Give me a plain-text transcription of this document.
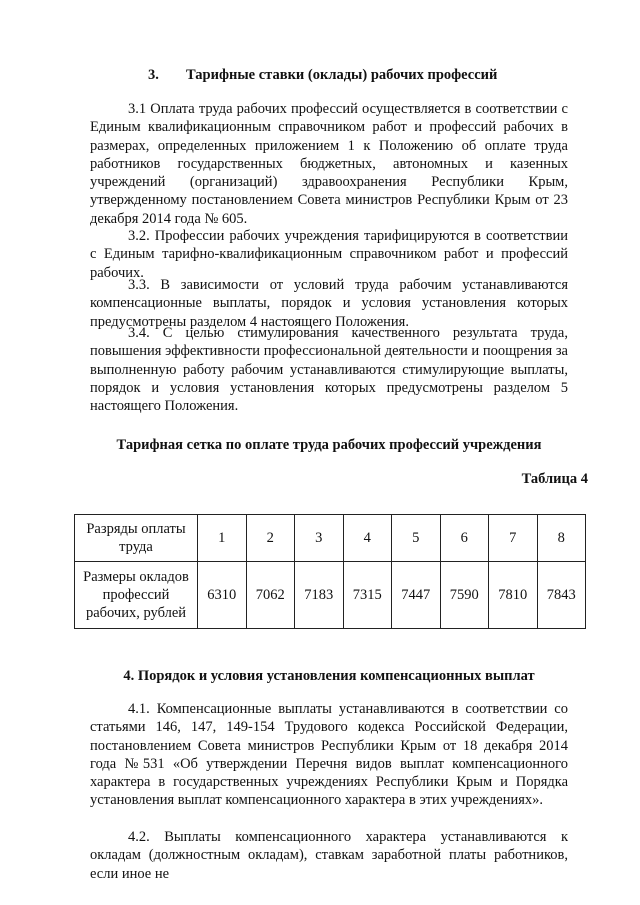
3. Тарифные ставки (оклады) рабочих профессий

3.1 Оплата труда рабочих профессий осуществляется в соответствии с Единым квалификационным справочником работ и профессий рабочих в размерах, определенных приложением 1 к Положению об оплате труда работников государственных бюджетных, автономных и казенных учреждений (организаций) здравоохранения Республики Крым, утвержденному постановлением Совета министров Республики Крым от 23 декабря 2014 года № 605.

3.2. Профессии рабочих учреждения тарифицируются в соответствии с Единым тарифно-квалификационным справочником работ и профессий рабочих.

3.3. В зависимости от условий труда рабочим устанавливаются компенсационные выплаты, порядок и условия установления которых предусмотрены разделом 4 настоящего Положения.

3.4. С целью стимулирования качественного результата труда, повышения эффективности профессиональной деятельности и поощрения за выполненную работу рабочим устанавливаются стимулирующие выплаты, порядок и условия установления которых предусмотрены разделом 5 настоящего Положения.

Тарифная сетка по оплате труда рабочих профессий учреждения
Таблица 4
Разряды оплаты труда	1	2	3	4	5	6	7	8
Размеры окладов профессий рабочих, рублей	6310	7062	7183	7315	7447	7590	7810	7843
4. Порядок и условия установления компенсационных выплат

4.1. Компенсационные выплаты устанавливаются в соответствии со статьями 146, 147, 149-154 Трудового кодекса Российской Федерации, постановлением Совета министров Республики Крым от 18 декабря 2014 года №531 «Об утверждении Перечня видов выплат компенсационного характера в государственных учреждениях Республики Крым и Порядка установления выплат компенсационного характера в этих учреждениях».

4.2. Выплаты компенсационного характера устанавливаются к окладам (должностным окладам), ставкам заработной платы работников, если иное не
